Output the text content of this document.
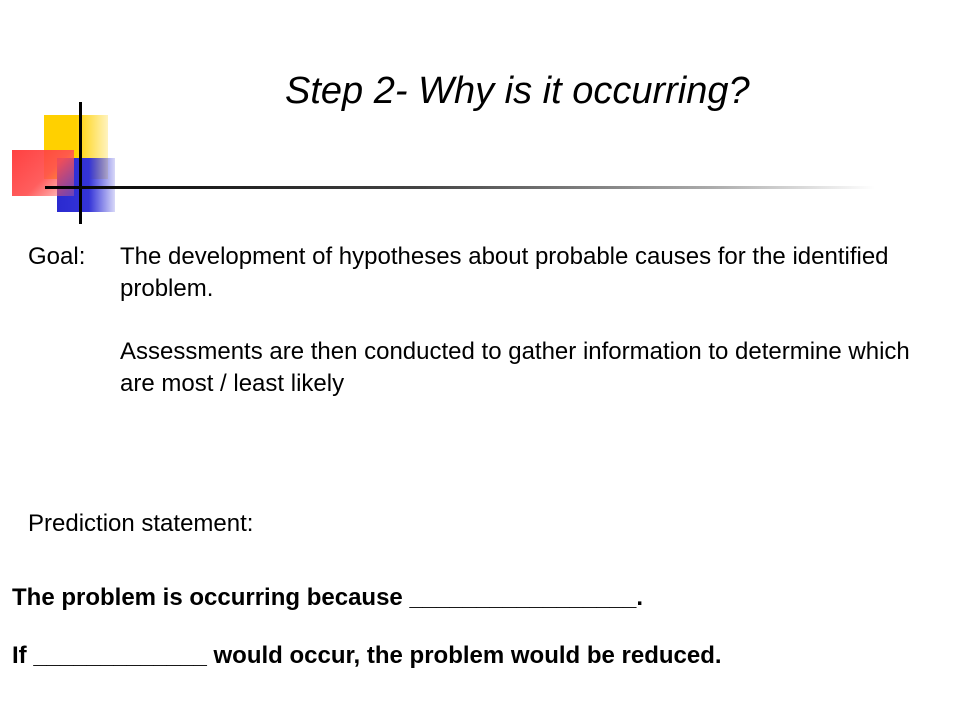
Step 2- Why is it occurring?
Goal: The development of hypotheses about probable causes for the identified problem.

Assessments are then conducted to gather information to determine which are most / least likely

Prediction statement:
The problem is occurring because _________________.
If _____________ would occur, the problem would be reduced.
